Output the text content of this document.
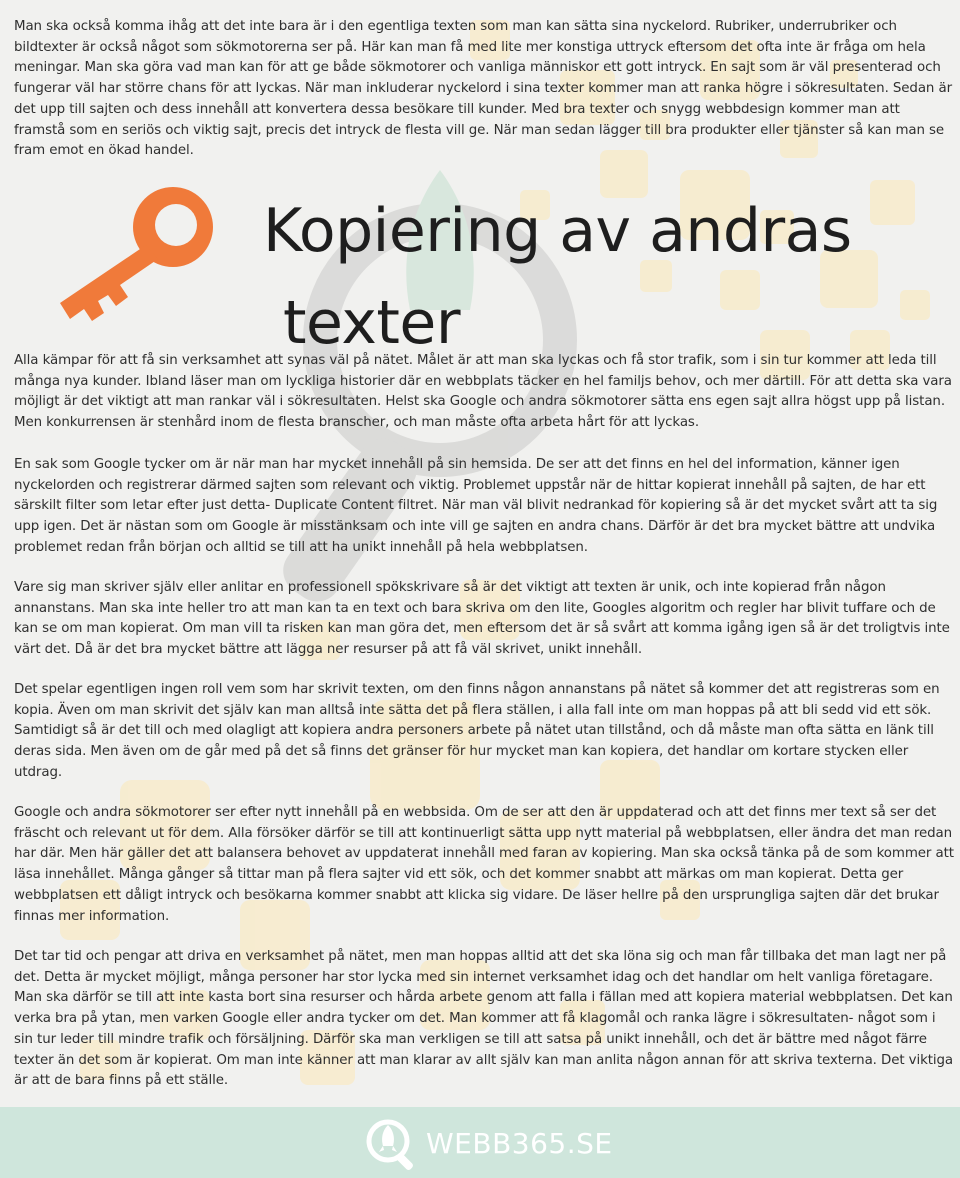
Man ska också komma ihåg att det inte bara är i den egentliga texten som man kan sätta sina nyckelord. Rubriker, underrubriker och bildtexter är också något som sökmotorerna ser på. Här kan man få med lite mer konstiga uttryck eftersom det ofta inte är fråga om hela meningar. Man ska göra vad man kan för att ge både sökmotorer och vanliga människor ett gott intryck. En sajt som är väl presenterad och fungerar väl har större chans för att lyckas. När man inkluderar nyckelord i sina texter kommer man att ranka högre i sökresultaten. Sedan är det upp till sajten och dess innehåll att konvertera dessa besökare till kunder. Med bra texter och snygg webbdesign kommer man att framstå som en seriös och viktig sajt, precis det intryck de flesta vill ge. När man sedan lägger till bra produkter eller tjänster så kan man se fram emot en ökad handel.

Kopiering av andras
texter

Alla kämpar för att få sin verksamhet att synas väl på nätet. Målet är att man ska lyckas och få stor trafik, som i sin tur kommer att leda till många nya kunder. Ibland läser man om lyckliga historier där en webbplats täcker en hel familjs behov, och mer därtill. För att detta ska vara möjligt är det viktigt att man rankar väl i sökresultaten. Helst ska Google och andra sökmotorer sätta ens egen sajt allra högst upp på listan. Men konkurrensen är stenhård inom de flesta branscher, och man måste ofta arbeta hårt för att lyckas.

En sak som Google tycker om är när man har mycket innehåll på sin hemsida. De ser att det finns en hel del information, känner igen nyckelorden och registrerar därmed sajten som relevant och viktig. Problemet uppstår när de hittar kopierat innehåll på sajten, de har ett särskilt filter som letar efter just detta- Duplicate Content filtret. När man väl blivit nedrankad för kopiering så är det mycket svårt att ta sig upp igen. Det är nästan som om Google är misstänksam och inte vill ge sajten en andra chans. Därför är det bra mycket bättre att undvika problemet redan från början och alltid se till att ha unikt innehåll på hela webbplatsen.

Vare sig man skriver själv eller anlitar en professionell spökskrivare så är det viktigt att texten är unik, och inte kopierad från någon annanstans. Man ska inte heller tro att man kan ta en text och bara skriva om den lite, Googles algoritm och regler har blivit tuffare och de kan se om man kopierat. Om man vill ta risken kan man göra det, men eftersom det är så svårt att komma igång igen så är det troligtvis inte värt det. Då är det bra mycket bättre att lägga ner resurser på att få väl skrivet, unikt innehåll.

Det spelar egentligen ingen roll vem som har skrivit texten, om den finns någon annanstans på nätet så kommer det att registreras som en kopia. Även om man skrivit det själv kan man alltså inte sätta det på flera ställen, i alla fall inte om man hoppas på att bli sedd vid ett sök. Samtidigt så är det till och med olagligt att kopiera andra personers arbete på nätet utan tillstånd, och då måste man ofta sätta en länk till deras sida. Men även om de går med på det så finns det gränser för hur mycket man kan kopiera, det handlar om kortare stycken eller utdrag.

Google och andra sökmotorer ser efter nytt innehåll på en webbsida. Om de ser att den är uppdaterad och att det finns mer text så ser det fräscht och relevant ut för dem. Alla försöker därför se till att kontinuerligt sätta upp nytt material på webbplatsen, eller ändra det man redan har där. Men här gäller det att balansera behovet av uppdaterat innehåll med faran av kopiering. Man ska också tänka på de som kommer att läsa innehållet. Många gånger så tittar man på flera sajter vid ett sök, och det kommer snabbt att märkas om man kopierat. Detta ger webbplatsen ett dåligt intryck och besökarna kommer snabbt att klicka sig vidare. De läser hellre på den ursprungliga sajten där det brukar finnas mer information.

Det tar tid och pengar att driva en verksamhet på nätet, men man hoppas alltid att det ska löna sig och man får tillbaka det man lagt ner på det. Detta är mycket möjligt, många personer har stor lycka med sin internet verksamhet idag och det handlar om helt vanliga företagare. Man ska därför se till att inte kasta bort sina resurser och hårda arbete genom att falla i fällan med att kopiera material webbplatsen. Det kan verka bra på ytan, men varken Google eller andra tycker om det. Man kommer att få klagomål och ranka lägre i sökresultaten- något som i sin tur leder till mindre trafik och försäljning. Därför ska man verkligen se till att satsa på unikt innehåll, och det är bättre med något färre texter än det som är kopierat. Om man inte känner att man klarar av allt själv kan man anlita någon annan för att skriva texterna. Det viktiga är att de bara finns på ett ställe.

WEBB365.SE
